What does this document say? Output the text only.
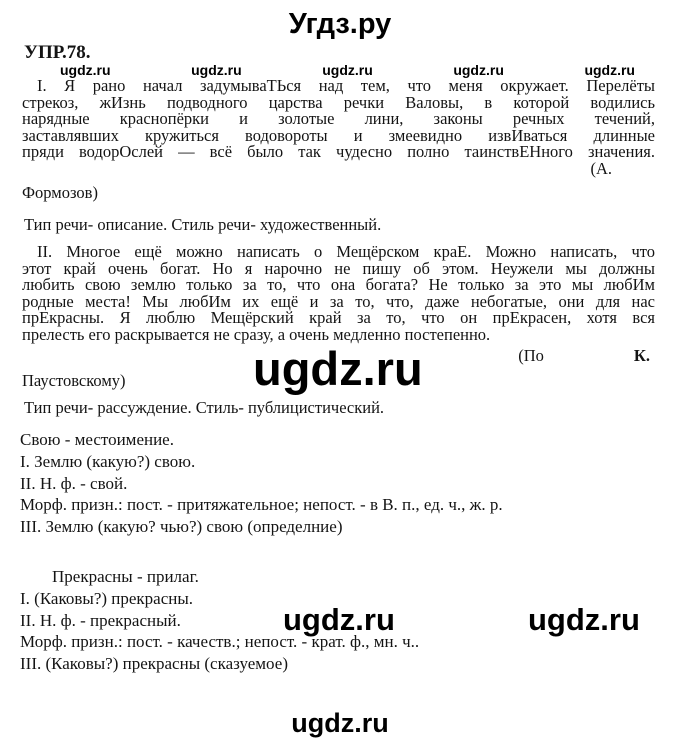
Угдз.ру
УПР.78.
ugdz.ru	ugdz.ru	ugdz.ru	ugdz.ru	ugdz.ru
I. Я рано начал задумываТЬся над тем, что меня окружает. Перелёты
стрекоз, жИзнь подводного царства речки Валовы, в которой водились
нарядные краснопёрки и золотые лини, законы речных течений,
заставлявших кружиться водовороты и змеевидно извИваться длинные
пряди водорОслей — всё было так чудесно полно таинствЕНного значения.
(А.
Формозов)
Тип речи- описание. Стиль речи- художественный.
II. Многое ещё можно написать о Мещёрском краЕ. Можно написать, что
этот край очень богат. Но я нарочно не пишу об этом. Неужели мы должны
любить свою землю только за то, что она богата? Не только за это мы любИм
родные места! Мы любИм их ещё и за то, что, даже небогатые, они для нас
прЕкрасны. Я люблю Мещёрский край за то, что он прЕкрасен, хотя вся
прелесть его раскрывается не сразу, а очень медленно постепенно.
(По	К.
Паустовскому)
Тип речи- рассуждение. Стиль- публицистический.
Свою - местоимение.
I. Землю (какую?) свою.
II. Н. ф. - свой.
Морф. призн.: пост. - притяжательное; непост. - в В. п., ед. ч., ж. р.
III. Землю (какую? чью?) свою (определние)
Прекрасны - прилаг.
I. (Каковы?) прекрасны.
II. Н. ф. - прекрасный.
Морф. призн.: пост. - качеств.; непост. - крат. ф., мн. ч..
III. (Каковы?) прекрасны (сказуемое)
ugdz.ru
ugdz.ru	ugdz.ru
ugdz.ru
